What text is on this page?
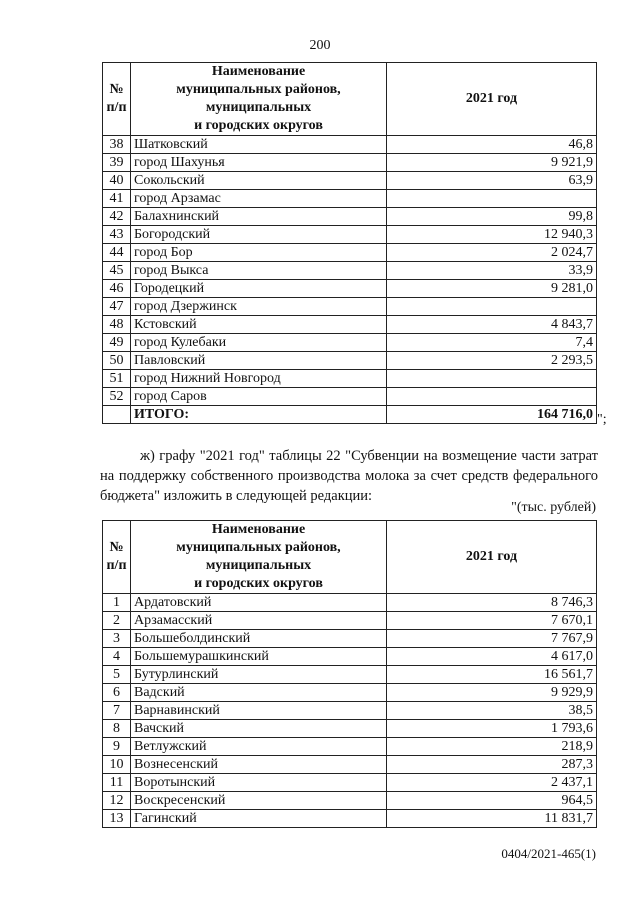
200
№
п/п	Наименование
муниципальных районов,
муниципальных
и городских округов	2021 год
38	Шатковский	46,8
39	город Шахунья	9 921,9
40	Сокольский	63,9
41	город Арзамас	
42	Балахнинский	99,8
43	Богородский	12 940,3
44	город Бор	2 024,7
45	город Выкса	33,9
46	Городецкий	9 281,0
47	город Дзержинск	
48	Кстовский	4 843,7
49	город Кулебаки	7,4
50	Павловский	2 293,5
51	город Нижний Новгород	
52	город Саров	
	ИТОГО:	164 716,0 ";
ж) графу "2021 год" таблицы 22 "Субвенции на возмещение части затрат на поддержку собственного производства молока за счет средств федерального бюджета" изложить в следующей редакции:
"(тыс. рублей)
№
п/п	Наименование
муниципальных районов,
муниципальных
и городских округов	2021 год
1	Ардатовский	8 746,3
2	Арзамасский	7 670,1
3	Большеболдинский	7 767,9
4	Большемурашкинский	4 617,0
5	Бутурлинский	16 561,7
6	Вадский	9 929,9
7	Варнавинский	38,5
8	Вачский	1 793,6
9	Ветлужский	218,9
10	Вознесенский	287,3
11	Воротынский	2 437,1
12	Воскресенский	964,5
13	Гагинский	11 831,7
0404/2021-465(1)
